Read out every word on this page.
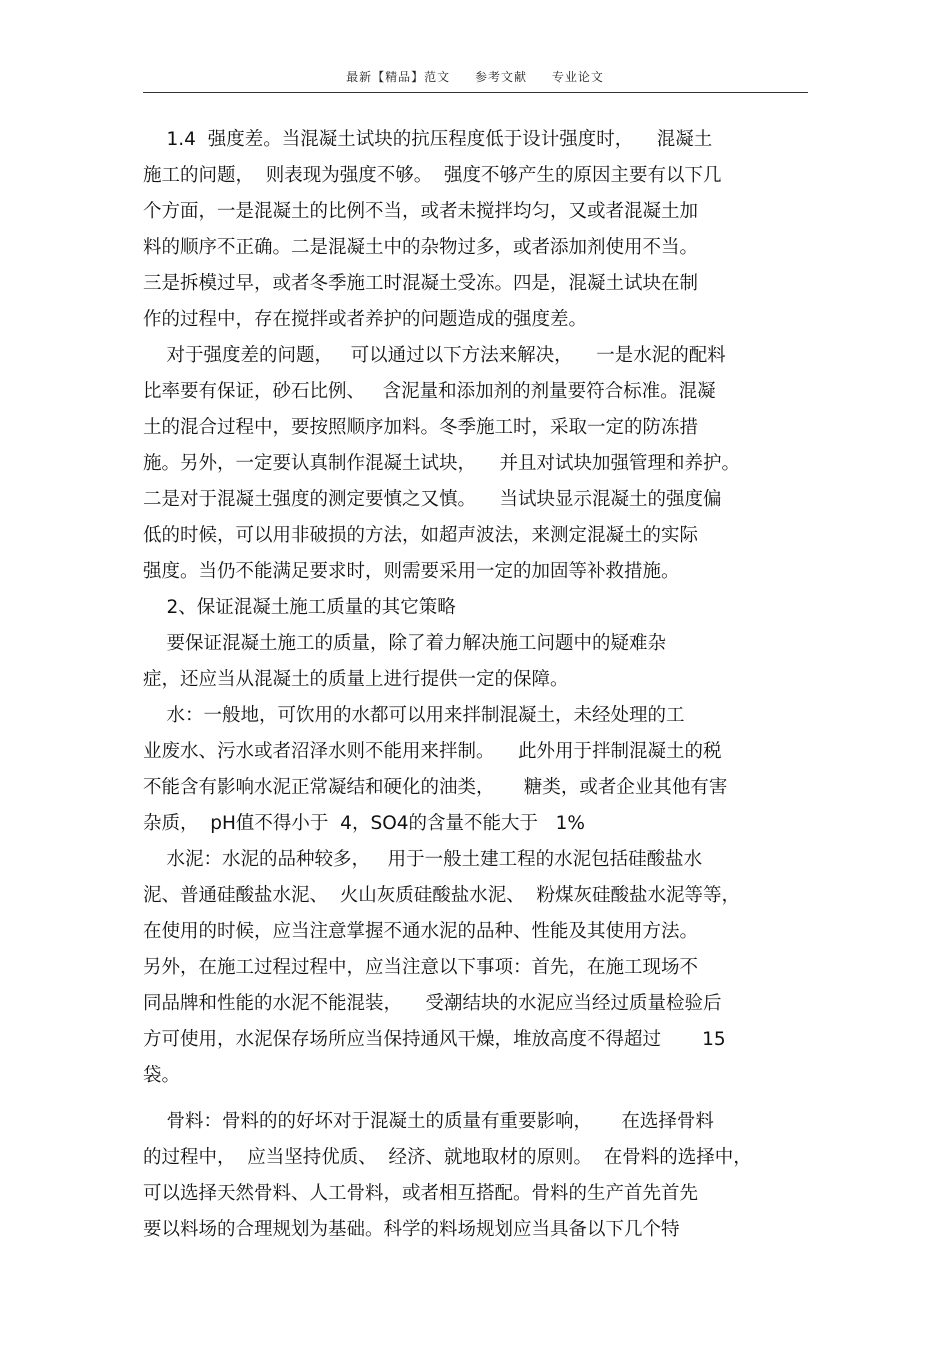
最新【精品】范文 参考文献 专业论文
1.4  强度差。当混凝土试块的抗压程度低于设计强度时，    混凝土
施工的问题，  则表现为强度不够。  强度不够产生的原因主要有以下几
个方面，一是混凝土的比例不当，或者未搅拌均匀，又或者混凝土加
料的顺序不正确。二是混凝土中的杂物过多，或者添加剂使用不当。
三是拆模过早，或者冬季施工时混凝土受冻。四是，混凝土试块在制
作的过程中，存在搅拌或者养护的问题造成的强度差。
对于强度差的问题，   可以通过以下方法来解决，    一是水泥的配料
比率要有保证，砂石比例、   含泥量和添加剂的剂量要符合标准。混凝
土的混合过程中，要按照顺序加料。冬季施工时，采取一定的防冻措
施。另外，一定要认真制作混凝土试块，    并且对试块加强管理和养护。
二是对于混凝土强度的测定要慎之又慎。    当试块显示混凝土的强度偏
低的时候，可以用非破损的方法，如超声波法，来测定混凝土的实际
强度。当仍不能满足要求时，则需要采用一定的加固等补救措施。
2、保证混凝土施工质量的其它策略
要保证混凝土施工的质量，除了着力解决施工问题中的疑难杂
症，还应当从混凝土的质量上进行提供一定的保障。
水：一般地，可饮用的水都可以用来拌制混凝土，未经处理的工
业废水、污水或者沼泽水则不能用来拌制。    此外用于拌制混凝土的税
不能含有影响水泥正常凝结和硬化的油类，     糖类，或者企业其他有害
杂质，  pH值不得小于  4，SO4的含量不能大于   1%
水泥：水泥的品种较多，   用于一般土建工程的水泥包括硅酸盐水
泥、普通硅酸盐水泥、  火山灰质硅酸盐水泥、  粉煤灰硅酸盐水泥等等，
在使用的时候，应当注意掌握不通水泥的品种、性能及其使用方法。
另外，在施工过程过程中，应当注意以下事项：首先，在施工现场不
同品牌和性能的水泥不能混装，    受潮结块的水泥应当经过质量检验后
方可使用，水泥保存场所应当保持通风干燥，堆放高度不得超过       15
袋。
骨料：骨料的的好坏对于混凝土的质量有重要影响，     在选择骨料
的过程中，  应当坚持优质、  经济、就地取材的原则。  在骨料的选择中，
可以选择天然骨料、人工骨料，或者相互搭配。骨料的生产首先首先
要以料场的合理规划为基础。科学的料场规划应当具备以下几个特
